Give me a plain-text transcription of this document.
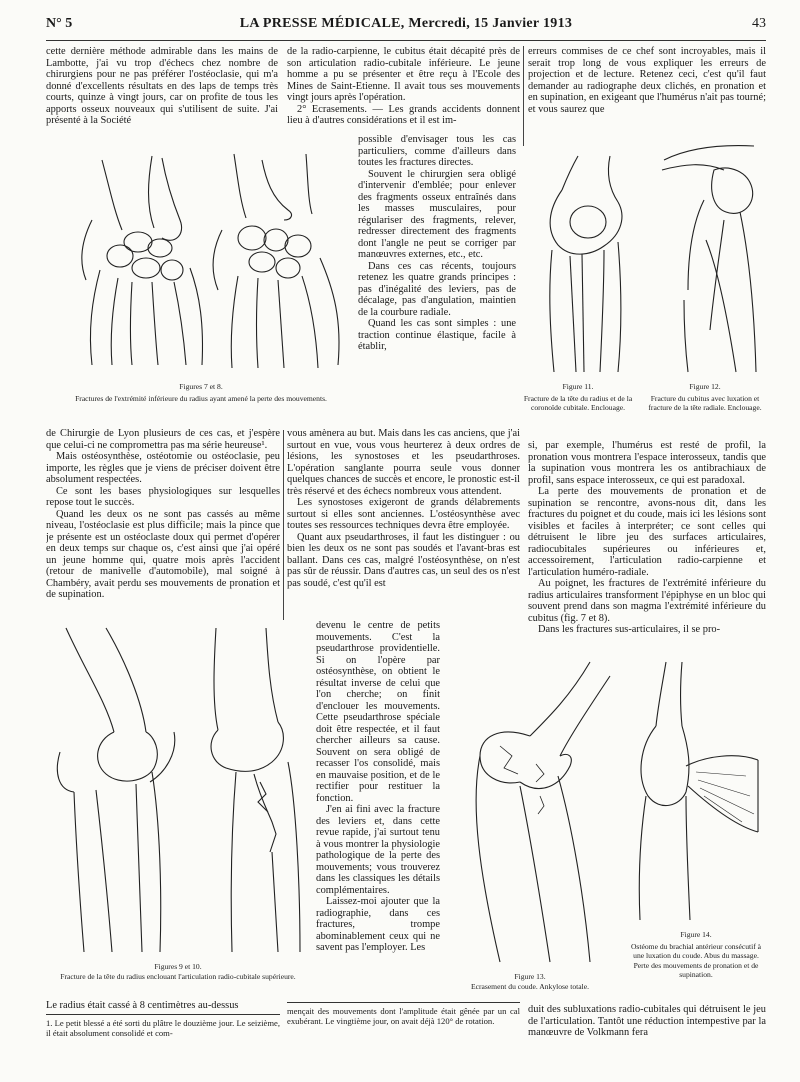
N° 5	LA PRESSE MÉDICALE, Mercredi, 15 Janvier 1913	43

cette dernière méthode admirable dans les mains de Lambotte, j'ai vu trop d'échecs chez nombre de chirurgiens pour ne pas préférer l'ostéoclasie, qui m'a donné d'excellents résultats en des laps de temps très courts, quinze à vingt jours, car on profite de tous les apports osseux nouveaux qui s'utilisent de suite. J'ai présenté à la Société

de la radio-carpienne, le cubitus était décapité près de son articulation radio-cubitale inférieure. Le jeune homme a pu se présenter et être reçu à l'Ecole des Mines de Saint-Etienne. Il avait tous ses mouvements vingt jours après l'opération.

2° Ecrasements. — Les grands accidents donnent lieu à d'autres considérations et il est im-

possible d'envisager tous les cas particuliers, comme d'ailleurs dans toutes les fractures directes.

Souvent le chirurgien sera obligé d'intervenir d'emblée; pour enlever des fragments osseux entraînés dans les masses musculaires, pour régulariser des fragments, relever, redresser directement des fragments dont l'angle ne peut se corriger par manœuvres externes, etc., etc.

Dans ces cas récents, toujours retenez les quatre grands principes : pas d'inégalité des leviers, pas de décalage, pas d'angulation, maintien de la courbure radiale.

Quand les cas sont simples : une traction continue élastique, facile à établir,

erreurs commises de ce chef sont incroyables, mais il serait trop long de vous expliquer les erreurs de projection et de lecture. Retenez ceci, c'est qu'il faut demander au radiographe deux clichés, en pronation et en supination, en exigeant que l'humérus n'ait pas tourné; et vous saurez que

Figures 7 et 8.
Fractures de l'extrémité inférieure du radius ayant amené la perte des mouvements.
Figure 11.
Fracture de la tête du radius et de la coronoïde cubitale. Enclouage.
Figure 12.
Fracture du cubitus avec luxation et fracture de la tête radiale. Enclouage.

de Chirurgie de Lyon plusieurs de ces cas, et j'espère que celui-ci ne compromettra pas ma série heureuse¹.

Mais ostéosynthèse, ostéotomie ou ostéoclasie, peu importe, les règles que je viens de préciser doivent être absolument respectées.

Ce sont les bases physiologiques sur lesquelles repose tout le succès.

Quand les deux os ne sont pas cassés au même niveau, l'ostéoclasie est plus difficile; mais la pince que je présente est un ostéoclaste doux qui permet d'opérer en deux temps sur chaque os, c'est ainsi que j'ai opéré un jeune homme qui, quatre mois après l'accident (retour de manivelle d'automobile), mal soigné à Chambéry, avait perdu ses mouvements de pronation et de supination.

vous amènera au but. Mais dans les cas anciens, que j'ai surtout en vue, vous vous heurterez à deux ordres de lésions, les synostoses et les pseudarthroses. L'opération sanglante pourra seule vous donner quelques chances de succès et encore, le pronostic est-il très réservé et des échecs nombreux vous attendent.

Les synostoses exigeront de grands délabrements surtout si elles sont anciennes. L'ostéosynthèse avec toutes ses ressources techniques devra être employée.

Quant aux pseudarthroses, il faut les distinguer : ou bien les deux os ne sont pas soudés et l'avant-bras est ballant. Dans ces cas, malgré l'ostéosynthèse, on n'est pas sûr de réussir. Dans d'autres cas, un seul des os n'est pas soudé, c'est qu'il est

devenu le centre de petits mouvements. C'est la pseudarthrose providentielle. Si on l'opère par ostéosynthèse, on obtient le résultat inverse de celui que l'on cherche; on finit d'enclouer les mouvements. Cette pseudarthrose spéciale doit être respectée, et il faut chercher ailleurs sa cause. Souvent on sera obligé de recasser l'os consolidé, mais en mauvaise position, et de le rectifier pour restituer la fonction.

J'en ai fini avec la fracture des leviers et, dans cette revue rapide, j'ai surtout tenu à vous montrer la physiologie pathologique de la perte des mouvements; vous trouverez dans les classiques les détails complémentaires.

Laissez-moi ajouter que la radiographie, dans ces fractures, trompe abominablement ceux qui ne savent pas l'employer. Les

si, par exemple, l'humérus est resté de profil, la pronation vous montrera l'espace interosseux, tandis que la supination vous montrera les os antibrachiaux de profil, sans espace interosseux, ce qui est paradoxal.

La perte des mouvements de pronation et de supination se rencontre, avons-nous dit, dans les fractures du poignet et du coude, mais ici les lésions sont visibles et faciles à interpréter; ce sont celles qui détruisent le libre jeu des surfaces articulaires, radiocubitales supérieures ou inférieures et, accessoirement, l'articulation radio-carpienne et l'articulation huméro-radiale.

Au poignet, les fractures de l'extrémité inférieure du radius articulaires transforment l'épiphyse en un bloc qui souvent prend dans son magma l'extrémité inférieure du cubitus (fig. 7 et 8).

Dans les fractures sus-articulaires, il se pro-

Figures 9 et 10.
Fracture de la tête du radius enclouant l'articulation radio-cubitale supérieure.	Figure 13.
Ecrasement du coude. Ankylose totale.
Figure 14.
Ostéome du brachial antérieur consécutif à une luxation du coude. Abus du massage. Perte des mouvements de pronation et de supination.

Le radius était cassé à 8 centimètres au-dessus	duit des subluxations radio-cubitales qui détruisent le jeu de l'articulation. Tantôt une réduction intempestive par la manœuvre de Volkmann fera

1. Le petit blessé a été sorti du plâtre le douzième jour. Le seizième, il était absolument consolidé et com-
mençait des mouvements dont l'amplitude était gênée par un cal exubérant. Le vingtième jour, on avait déjà 120° de rotation.
